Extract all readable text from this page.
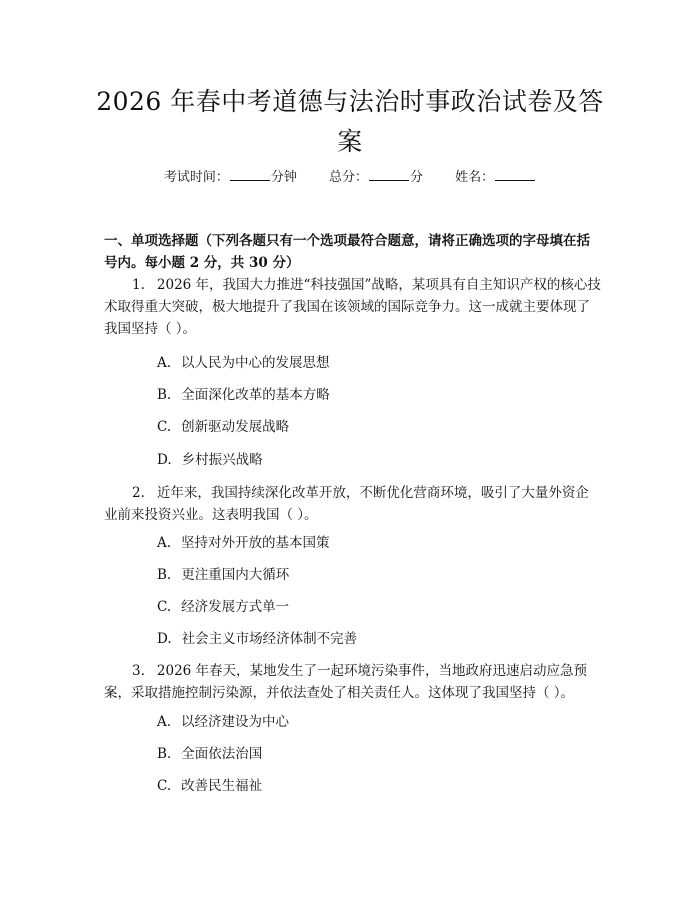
2026 年春中考道德与法治时事政治试卷及答案
考试时间：	分钟 总分：	分 姓名：

一、单项选择题（下列各题只有一个选项最符合题意，请将正确选项的字母填在括号内。每小题 2 分，共 30 分）

1. 2026 年，我国大力推进“科技强国”战略，某项具有自主知识产权的核心技术取得重大突破，极大地提升了我国在该领域的国际竞争力。这一成就主要体现了我国坚持（ ）。

A. 以人民为中心的发展思想

B. 全面深化改革的基本方略

C. 创新驱动发展战略

D. 乡村振兴战略

2. 近年来，我国持续深化改革开放，不断优化营商环境，吸引了大量外资企业前来投资兴业。这表明我国（ ）。

A. 坚持对外开放的基本国策

B. 更注重国内大循环

C. 经济发展方式单一

D. 社会主义市场经济体制不完善

3. 2026 年春天，某地发生了一起环境污染事件，当地政府迅速启动应急预案，采取措施控制污染源，并依法查处了相关责任人。这体现了我国坚持（ ）。

A. 以经济建设为中心

B. 全面依法治国

C. 改善民生福祉
